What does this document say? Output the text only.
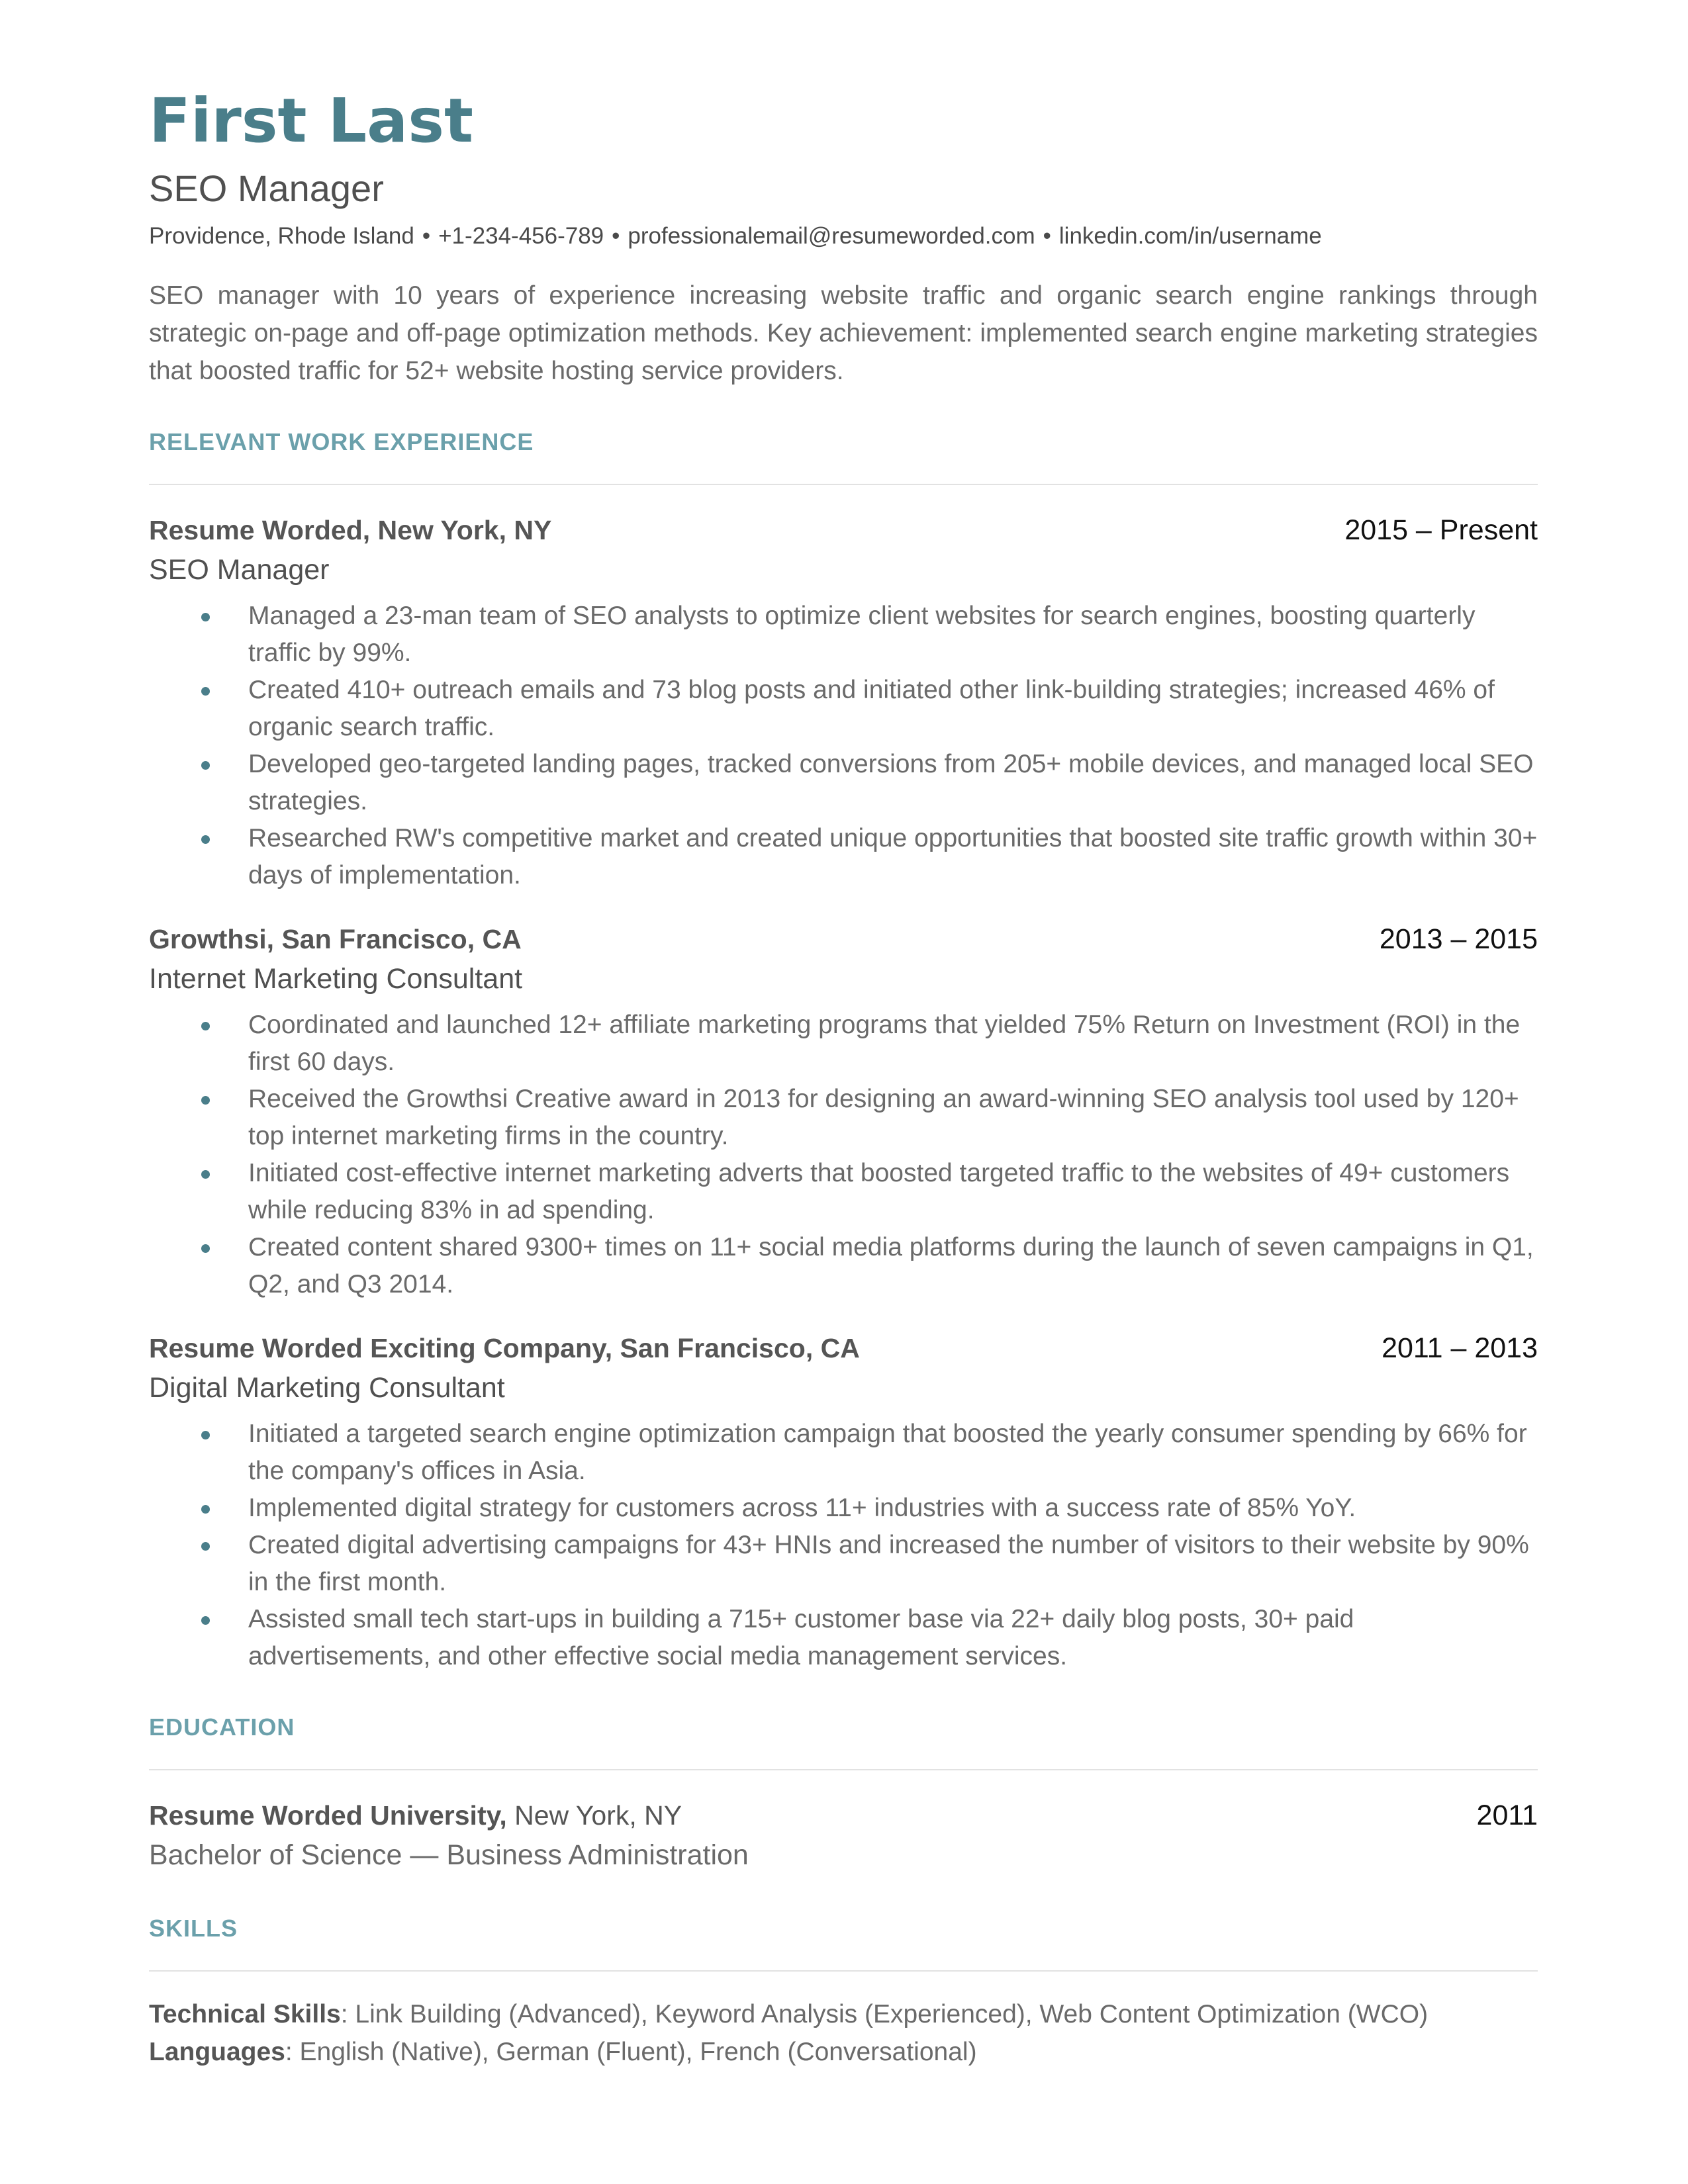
First Last
SEO Manager
Providence, Rhode Island • +1-234-456-789 • professionalemail@resumeworded.com • linkedin.com/in/username
SEO manager with 10 years of experience increasing website traffic and organic search engine rankings through strategic on-page and off-page optimization methods. Key achievement: implemented search engine marketing strategies that boosted traffic for 52+ website hosting service providers.
RELEVANT WORK EXPERIENCE
Resume Worded, New York, NY	2015 – Present
SEO Manager
Managed a 23-man team of SEO analysts to optimize client websites for search engines, boosting quarterly traffic by 99%.
Created 410+ outreach emails and 73 blog posts and initiated other link-building strategies; increased 46% of organic search traffic.
Developed geo-targeted landing pages, tracked conversions from 205+ mobile devices, and managed local SEO strategies.
Researched RW's competitive market and created unique opportunities that boosted site traffic growth within 30+ days of implementation.
Growthsi, San Francisco, CA	2013 – 2015
Internet Marketing Consultant
Coordinated and launched 12+ affiliate marketing programs that yielded 75% Return on Investment (ROI) in the first 60 days.
Received the Growthsi Creative award in 2013 for designing an award-winning SEO analysis tool used by 120+ top internet marketing firms in the country.
Initiated cost-effective internet marketing adverts that boosted targeted traffic to the websites of 49+ customers while reducing 83% in ad spending.
Created content shared 9300+ times on 11+ social media platforms during the launch of seven campaigns in Q1, Q2, and Q3 2014.
Resume Worded Exciting Company, San Francisco, CA	2011 – 2013
Digital Marketing Consultant
Initiated a targeted search engine optimization campaign that boosted the yearly consumer spending by 66% for the company's offices in Asia.
Implemented digital strategy for customers across 11+ industries with a success rate of 85% YoY.
Created digital advertising campaigns for 43+ HNIs and increased the number of visitors to their website by 90% in the first month.
Assisted small tech start-ups in building a 715+ customer base via 22+ daily blog posts, 30+ paid advertisements, and other effective social media management services.
EDUCATION
Resume Worded University, New York, NY	2011
Bachelor of Science — Business Administration
SKILLS
Technical Skills: Link Building (Advanced), Keyword Analysis (Experienced), Web Content Optimization (WCO)
Languages: English (Native), German (Fluent), French (Conversational)
